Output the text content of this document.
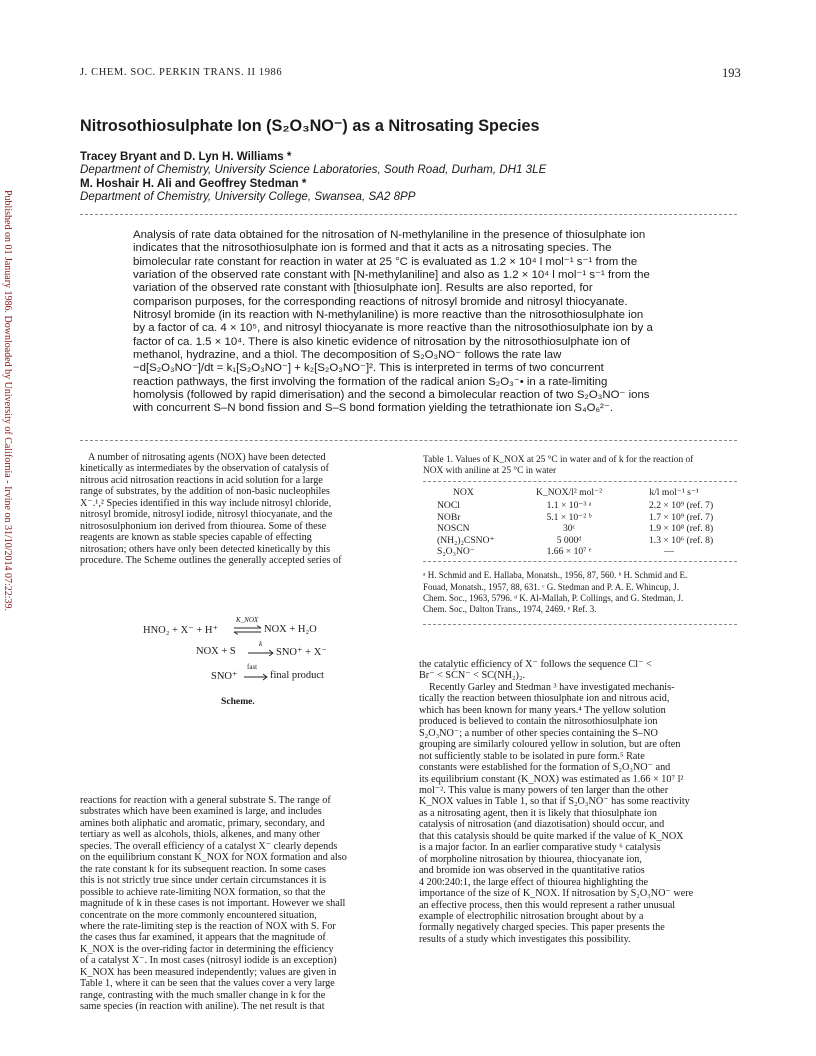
J. CHEM. SOC. PERKIN TRANS. II 1986	193
Published on 01 January 1986. Downloaded by University of California - Irvine on 31/10/2014 07:22:39.
Nitrosothiosulphate Ion (S₂O₃NO⁻) as a Nitrosating Species
Tracey Bryant and D. Lyn H. Williams *
Department of Chemistry, University Science Laboratories, South Road, Durham, DH1 3LE
M. Hoshair H. Ali and Geoffrey Stedman *
Department of Chemistry, University College, Swansea, SA2 8PP
Analysis of rate data obtained for the nitrosation of N-methylaniline in the presence of thiosulphate ion
indicates that the nitrosothiosulphate ion is formed and that it acts as a nitrosating species. The
bimolecular rate constant for reaction in water at 25 °C is evaluated as 1.2 × 10⁴ l mol⁻¹ s⁻¹ from the
variation of the observed rate constant with [N-methylaniline] and also as 1.2 × 10⁴ l mol⁻¹ s⁻¹ from the
variation of the observed rate constant with [thiosulphate ion]. Results are also reported, for
comparison purposes, for the corresponding reactions of nitrosyl bromide and nitrosyl thiocyanate.
Nitrosyl bromide (in its reaction with N-methylaniline) is more reactive than the nitrosothiosulphate ion
by a factor of ca. 4 × 10⁵, and nitrosyl thiocyanate is more reactive than the nitrosothiosulphate ion by a
factor of ca. 1.5 × 10⁴. There is also kinetic evidence of nitrosation by the nitrosothiosulphate ion of
methanol, hydrazine, and a thiol. The decomposition of S₂O₃NO⁻ follows the rate law
−d[S₂O₃NO⁻]/dt = k₁[S₂O₃NO⁻] + k₂[S₂O₃NO⁻]². This is interpreted in terms of two concurrent
reaction pathways, the first involving the formation of the radical anion S₂O₃⁻• in a rate-limiting
homolysis (followed by rapid dimerisation) and the second a bimolecular reaction of two S₂O₃NO⁻ ions
with concurrent S–N bond fission and S–S bond formation yielding the tetrathionate ion S₄O₆²⁻.
A number of nitrosating agents (NOX) have been detected
kinetically as intermediates by the observation of catalysis of
nitrous acid nitrosation reactions in acid solution for a large
range of substrates, by the addition of non-basic nucleophiles
X⁻.¹,² Species identified in this way include nitrosyl chloride,
nitrosyl bromide, nitrosyl iodide, nitrosyl thiocyanate, and the
nitrososulphonium ion derived from thiourea. Some of these
reagents are known as stable species capable of effecting
nitrosation; others have only been detected kinetically by this
procedure. The Scheme outlines the generally accepted series of
HNO₂ + X⁻ + H⁺
K_NOX
⇌ NOX + H₂O
NOX + S
k
SNO⁺ + X⁻
SNO⁺
fast
final product
Scheme.
reactions for reaction with a general substrate S. The range of
substrates which have been examined is large, and includes
amines both aliphatic and aromatic, primary, secondary, and
tertiary as well as alcohols, thiols, alkenes, and many other
species. The overall efficiency of a catalyst X⁻ clearly depends
on the equilibrium constant K_NOX for NOX formation and also
the rate constant k for its subsequent reaction. In some cases
this is not strictly true since under certain circumstances it is
possible to achieve rate-limiting NOX formation, so that the
magnitude of k in these cases is not important. However we shall
concentrate on the more commonly encountered situation,
where the rate-limiting step is the reaction of NOX with S. For
the cases thus far examined, it appears that the magnitude of
K_NOX is the over-riding factor in determining the efficiency
of a catalyst X⁻. In most cases (nitrosyl iodide is an exception)
K_NOX has been measured independently; values are given in
Table 1, where it can be seen that the values cover a very large
range, contrasting with the much smaller change in k for the
same species (in reaction with aniline). The net result is that
Table 1. Values of K_NOX at 25 °C in water and of k for the reaction of
NOX with aniline at 25 °C in water
NOX	K_NOX/l² mol⁻²	k/l mol⁻¹ s⁻¹

NOCl	1.1 × 10⁻³ ᵃ	2.2 × 10⁹ (ref. 7)
NOBr	5.1 × 10⁻² ᵇ	1.7 × 10⁹ (ref. 7)
NOSCN	30ᶜ	1.9 × 10⁸ (ref. 8)
(NH₂)₂CSNO⁺	5 000ᵈ	1.3 × 10⁶ (ref. 8)
S₂O₃NO⁻	1.66 × 10⁷ ᵉ	—
ᵃ H. Schmid and E. Hallaba, Monatsh., 1956, 87, 560. ᵇ H. Schmid and E.
Fouad, Monatsh., 1957, 88, 631. ᶜ G. Stedman and P. A. E. Whincup, J.
Chem. Soc., 1963, 5796. ᵈ K. Al-Mallah, P. Collings, and G. Stedman, J.
Chem. Soc., Dalton Trans., 1974, 2469. ᵉ Ref. 3.
the catalytic efficiency of X⁻ follows the sequence Cl⁻ <
Br⁻ < SCN⁻ < SC(NH₂)₂.
Recently Garley and Stedman ³ have investigated mechanis-
tically the reaction between thiosulphate ion and nitrous acid,
which has been known for many years.⁴ The yellow solution
produced is believed to contain the nitrosothiosulphate ion
S₂O₃NO⁻; a number of other species containing the S–NO
grouping are similarly coloured yellow in solution, but are often
not sufficiently stable to be isolated in pure form.⁵ Rate
constants were established for the formation of S₂O₃NO⁻ and
its equilibrium constant (K_NOX) was estimated as 1.66 × 10⁷ l²
mol⁻². This value is many powers of ten larger than the other
K_NOX values in Table 1, so that if S₂O₃NO⁻ has some reactivity
as a nitrosating agent, then it is likely that thiosulphate ion
catalysis of nitrosation (and diazotisation) should occur, and
that this catalysis should be quite marked if the value of K_NOX
is a major factor. In an earlier comparative study ⁶ catalysis
of morpholine nitrosation by thiourea, thiocyanate ion,
and bromide ion was observed in the quantitative ratios
4 200:240:1, the large effect of thiourea highlighting the
importance of the size of K_NOX. If nitrosation by S₂O₃NO⁻ were
an effective process, then this would represent a rather unusual
example of electrophilic nitrosation brought about by a
formally negatively charged species. This paper presents the
results of a study which investigates this possibility.
